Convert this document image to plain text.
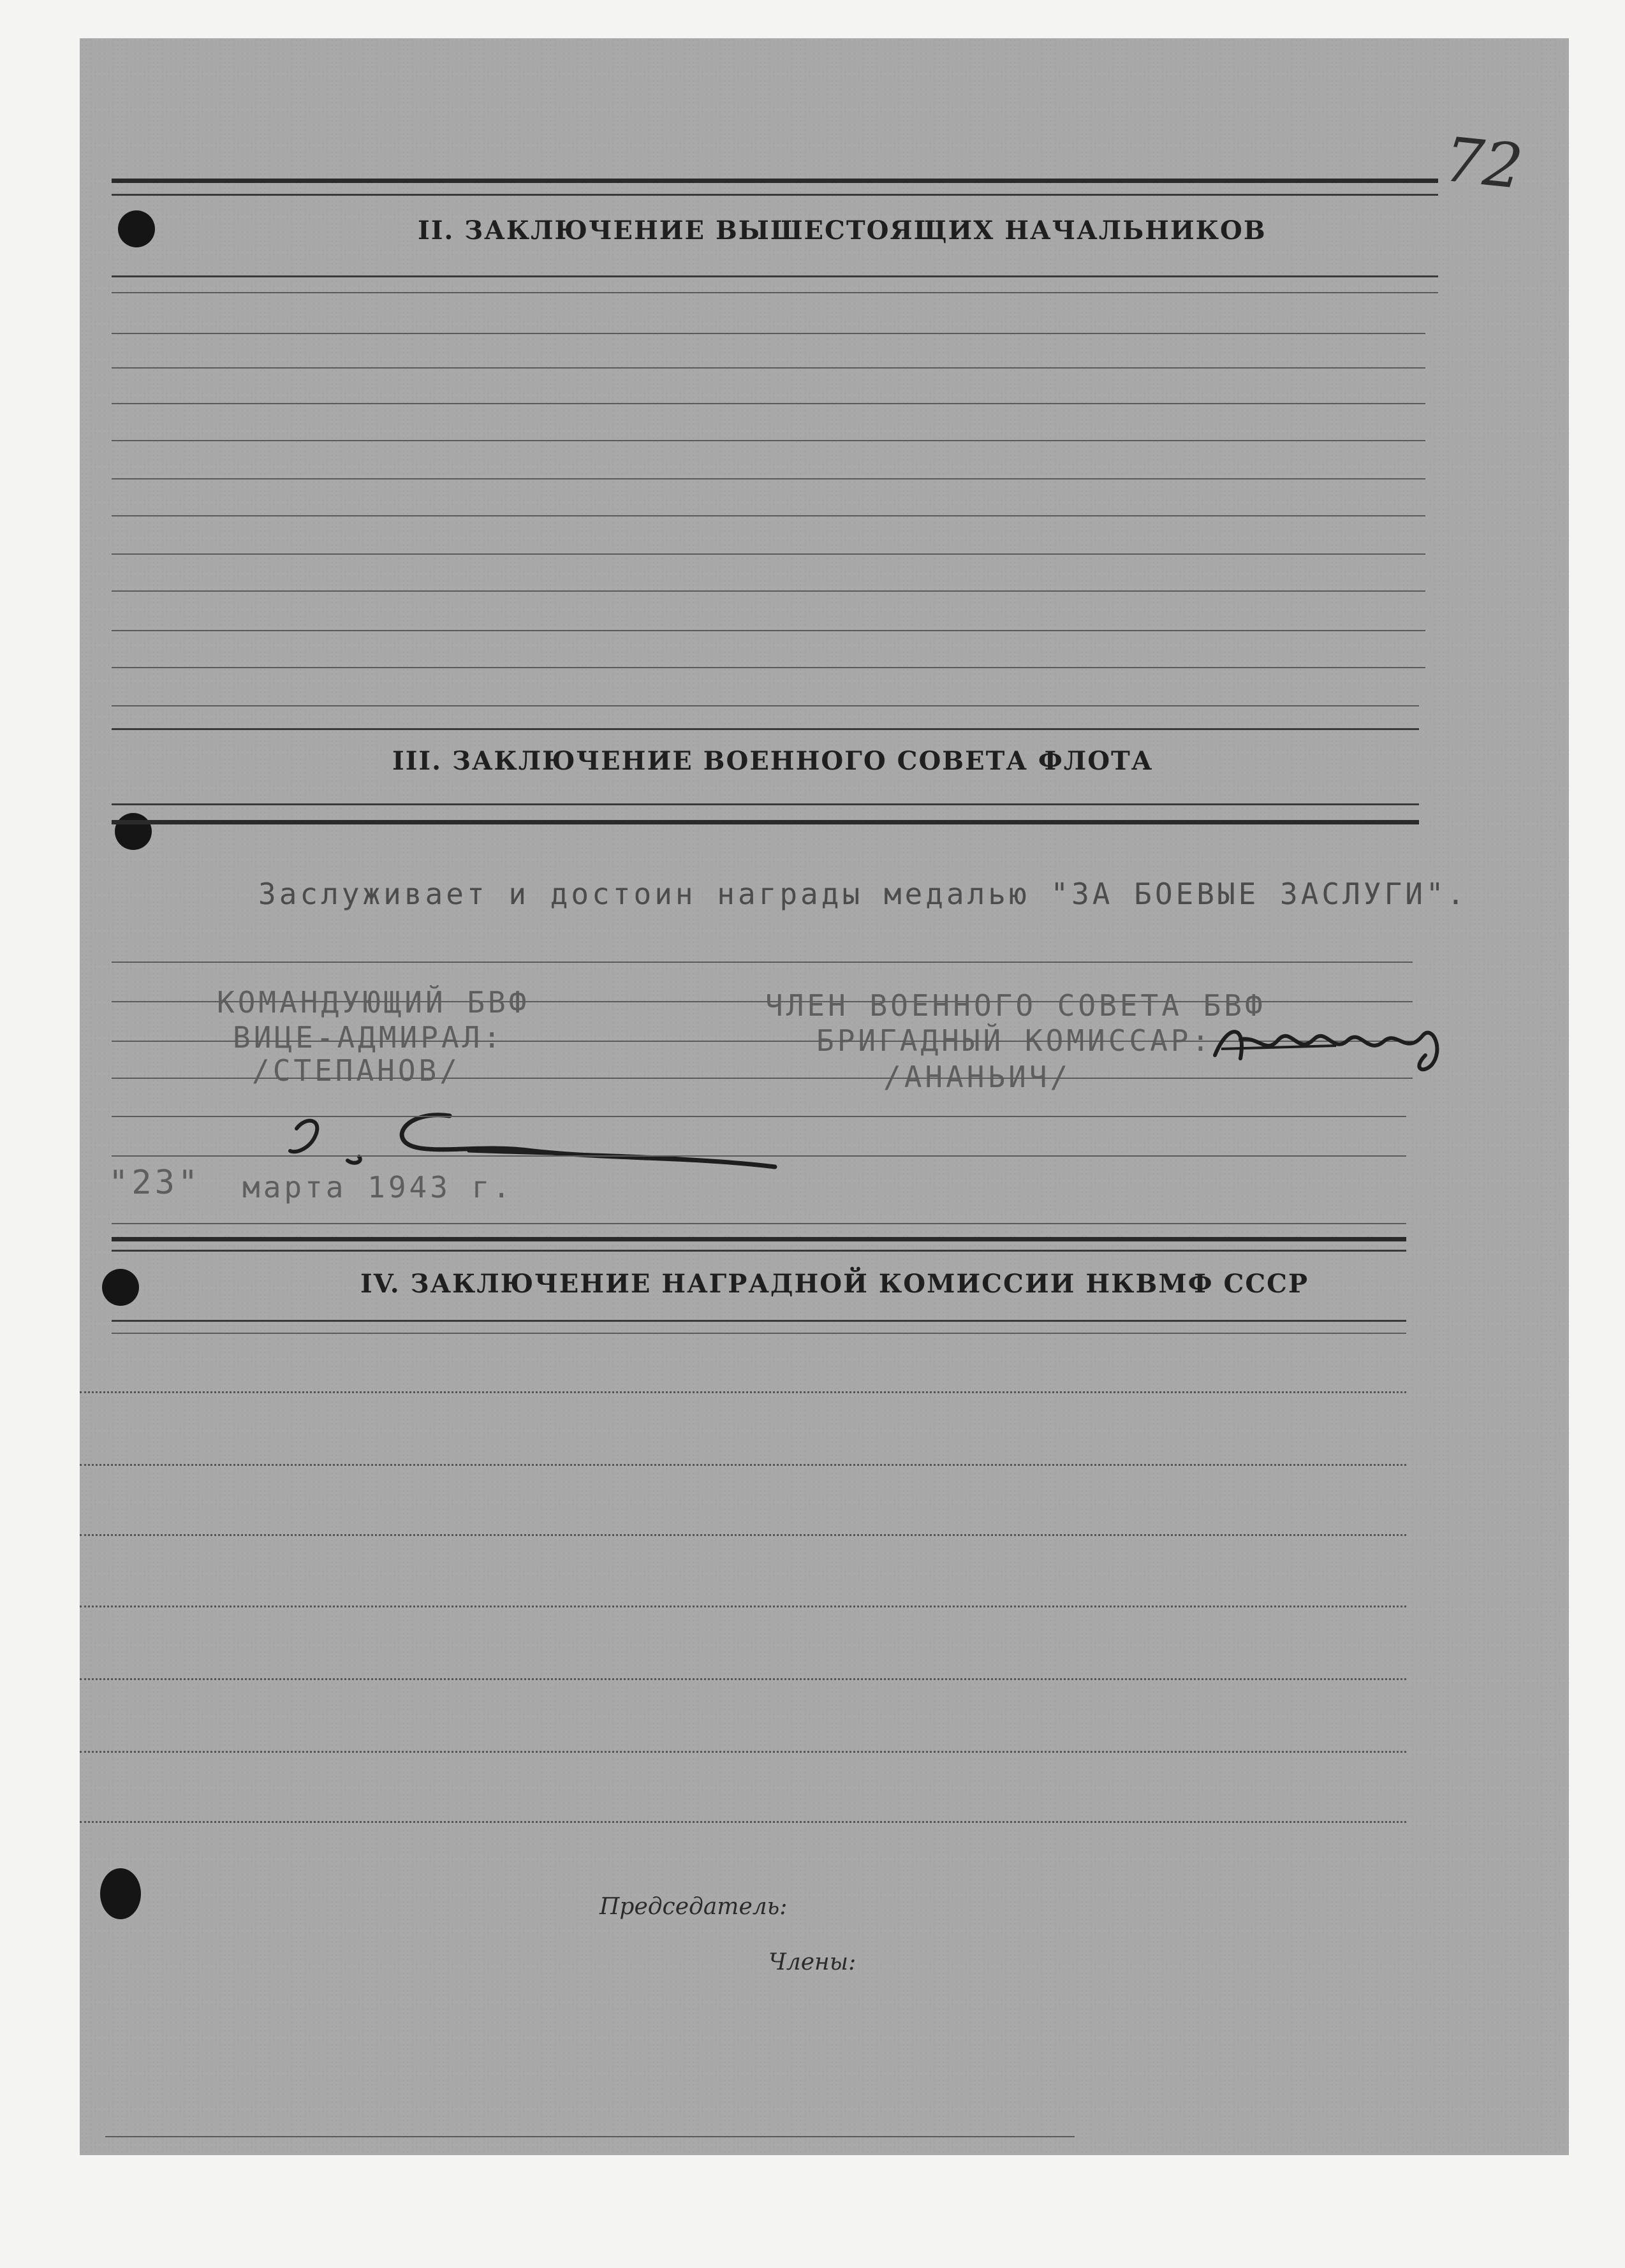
72
II. ЗАКЛЮЧЕНИЕ ВЫШЕСТОЯЩИХ НАЧАЛЬНИКОВ
III. ЗАКЛЮЧЕНИЕ ВОЕННОГО СОВЕТА ФЛОТА
Заслуживает и достоин награды медалью "ЗА БОЕВЫЕ ЗАСЛУГИ".
КОМАНДУЮЩИЙ БВФ
ВИЦЕ-АДМИРАЛ:
/СТЕПАНОВ/
ЧЛЕН ВОЕННОГО СОВЕТА БВФ
БРИГАДНЫЙ КОМИССАР:
/АНАНЬИЧ/
"23" марта 1943 г.
IV. ЗАКЛЮЧЕНИЕ НАГРАДНОЙ КОМИССИИ НКВМФ СССР
Председатель:
Члены:
